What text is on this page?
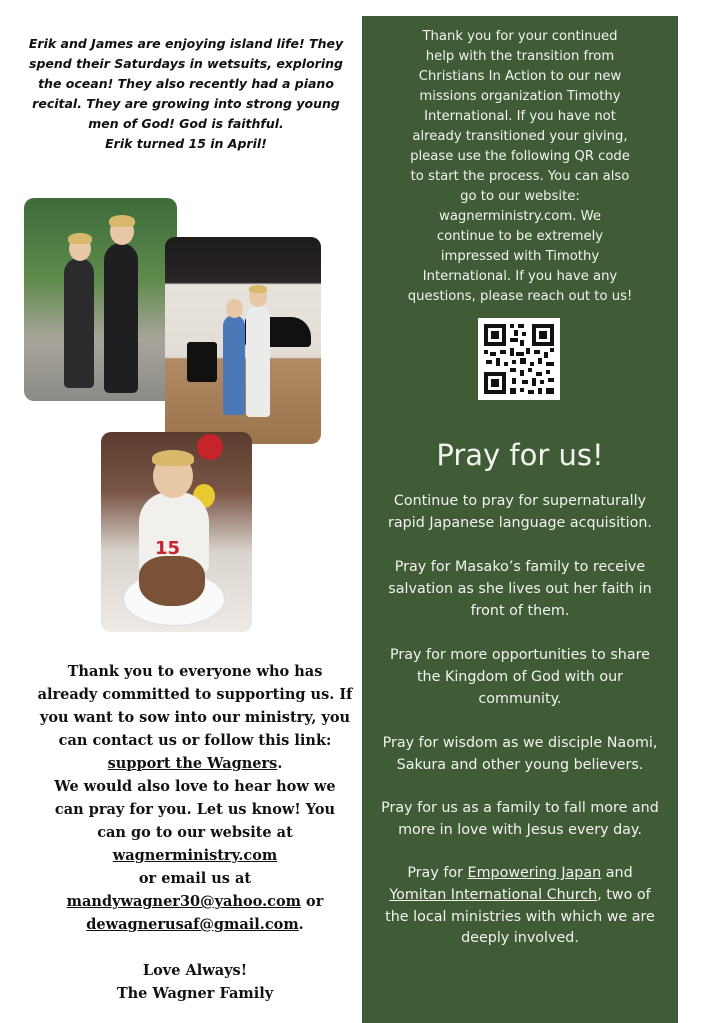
Erik and James are enjoying island life! They
spend their Saturdays in wetsuits, exploring
the ocean! They also recently had a piano
recital. They are growing into strong young
men of God! God is faithful.
Erik turned 15 in April!
15
Thank you to everyone who has
already committed to supporting us. If
you want to sow into our ministry, you
can contact us or follow this link:
support the Wagners.
We would also love to hear how we
can pray for you. Let us know! You
can go to our website at
wagnerministry.com
or email us at
mandywagner30@yahoo.com or
dewagnerusaf@gmail.com.
Love Always!
The Wagner Family
Thank you for your continued
help with the transition from
Christians In Action to our new
missions organization Timothy
International. If you have not
already transitioned your giving,
please use the following QR code
to start the process. You can also
go to our website:
wagnerministry.com. We
continue to be extremely
impressed with Timothy
International. If you have any
questions, please reach out to us!
Pray for us!
Continue to pray for supernaturally
rapid Japanese language acquisition.
Pray for Masako’s family to receive
salvation as she lives out her faith in
front of them.
Pray for more opportunities to share
the Kingdom of God with our
community.
Pray for wisdom as we disciple Naomi,
Sakura and other young believers.
Pray for us as a family to fall more and
more in love with Jesus every day.
Pray for Empowering Japan and
Yomitan International Church, two of
the local ministries with which we are
deeply involved.
